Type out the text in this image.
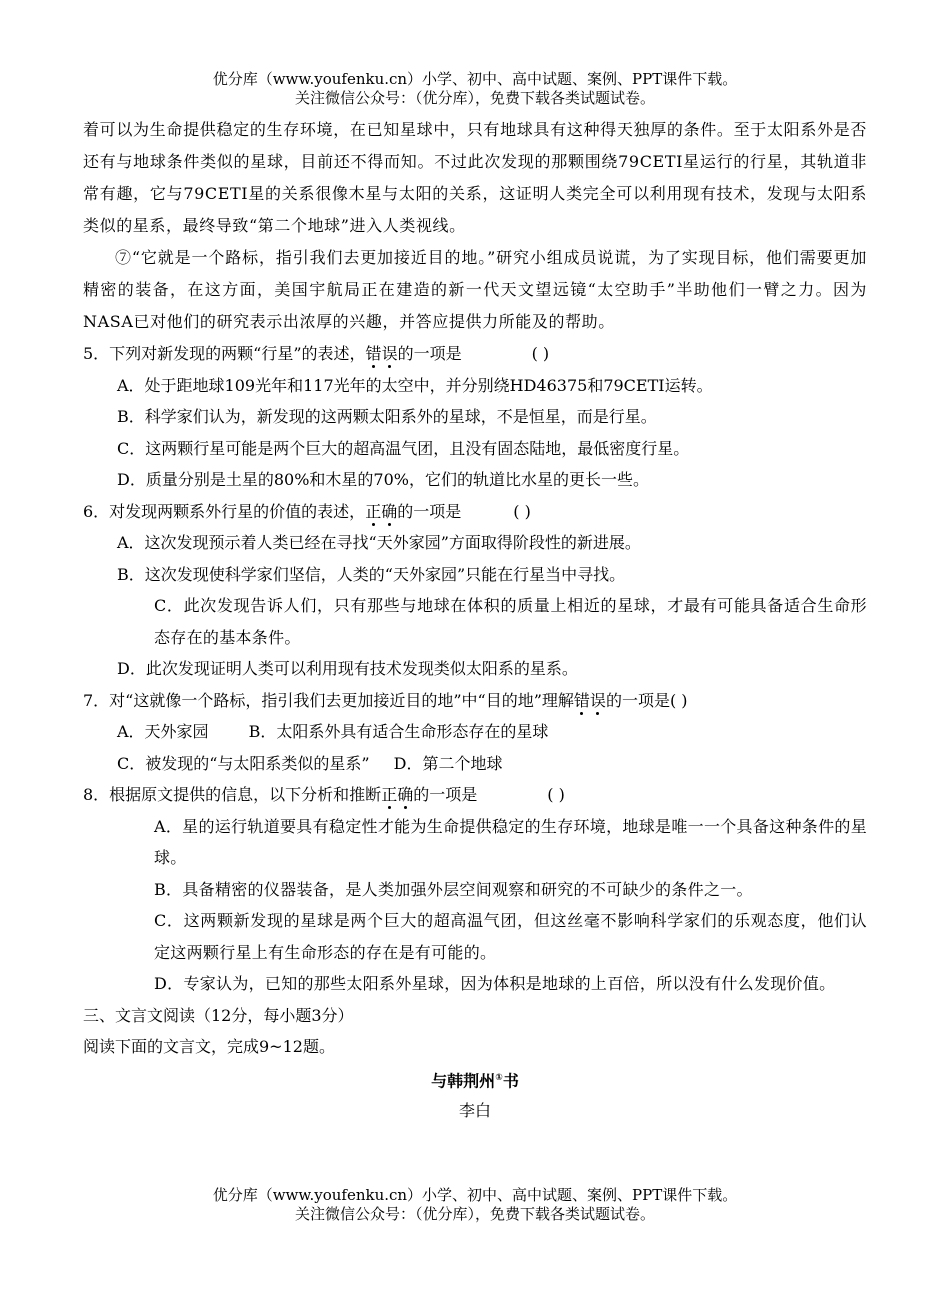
优分库（www.youfenku.cn）小学、初中、高中试题、案例、PPT课件下载。
关注微信公众号：（优分库），免费下载各类试题试卷。
着可以为生命提供稳定的生存环境，在已知星球中，只有地球具有这种得天独厚的条件。至于太阳系外是否还有与地球条件类似的星球，目前还不得而知。不过此次发现的那颗围绕79CETI星运行的行星，其轨道非常有趣，它与79CETI星的关系很像木星与太阳的关系，这证明人类完全可以利用现有技术，发现与太阳系类似的星系，最终导致“第二个地球”进入人类视线。
⑦“它就是一个路标，指引我们去更加接近目的地。”研究小组成员说谎，为了实现目标，他们需要更加精密的装备，在这方面，美国宇航局正在建造的新一代天文望远镜“太空助手”半助他们一臂之力。因为NASA已对他们的研究表示出浓厚的兴趣，并答应提供力所能及的帮助。
5．下列对新发现的两颗“行星”的表述，错误的一项是	( )
A．处于距地球109光年和117光年的太空中，并分别绕HD46375和79CETI运转。
B．科学家们认为，新发现的这两颗太阳系外的星球，不是恒星，而是行星。
C．这两颗行星可能是两个巨大的超高温气团，且没有固态陆地，最低密度行星。
D．质量分别是土星的80%和木星的70%，它们的轨道比水星的更长一些。
6．对发现两颗系外行星的价值的表述，正确的一项是	( )
A．这次发现预示着人类已经在寻找“天外家园”方面取得阶段性的新进展。
B．这次发现使科学家们坚信，人类的“天外家园”只能在行星当中寻找。
C．此次发现告诉人们，只有那些与地球在体积的质量上相近的星球，才最有可能具备适合生命形态存在的基本条件。
D．此次发现证明人类可以利用现有技术发现类似太阳系的星系。
7．对“这就像一个路标，指引我们去更加接近目的地”中“目的地”理解错误的一项是( )
A．天外家园	B．太阳系外具有适合生命形态存在的星球
C．被发现的“与太阳系类似的星系” D．第二个地球
8．根据原文提供的信息，以下分析和推断正确的一项是	( )
A．星的运行轨道要具有稳定性才能为生命提供稳定的生存环境，地球是唯一一个具备这种条件的星球。
B．具备精密的仪器装备，是人类加强外层空间观察和研究的不可缺少的条件之一。
C．这两颗新发现的星球是两个巨大的超高温气团，但这丝毫不影响科学家们的乐观态度，他们认定这两颗行星上有生命形态的存在是有可能的。
D．专家认为，已知的那些太阳系外星球，因为体积是地球的上百倍，所以没有什么发现价值。
三、文言文阅读（12分，每小题3分）
阅读下面的文言文，完成9~12题。
与韩荆州①书
李白
优分库（www.youfenku.cn）小学、初中、高中试题、案例、PPT课件下载。
关注微信公众号：（优分库），免费下载各类试题试卷。
